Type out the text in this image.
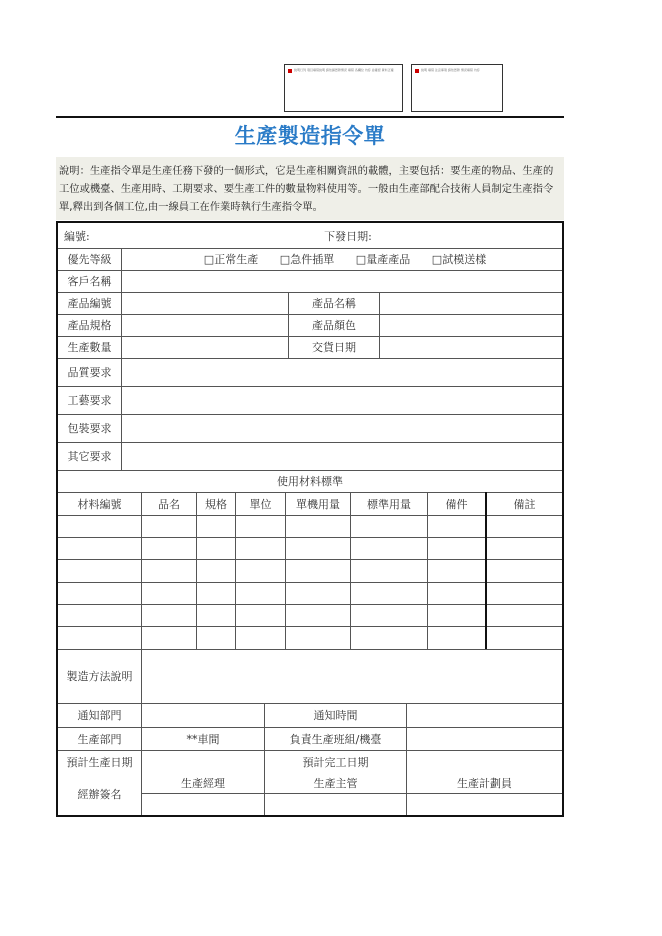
說明行列 項目填寫說明 請依據實際情況 填寫 各欄位 內容 並確認 資料正確	說明 填寫 注意事項 請依實際 情況填寫 內容
生產製造指令單
說明：生產指令單是生產任務下發的一個形式，它是生產相關資訊的載體，主要包括：要生產的物品、生產的工位或機臺、生產用時、工期要求、要生產工件的數量物料使用等。一般由生產部配合技術人員制定生產指令單,釋出到各個工位,由一線員工在作業時執行生產指令單。
編號:	下發日期:
優先等級	□正常生產	□急件插單	□量產產品	□試模送樣
客戶名稱
產品編號	產品名稱
產品規格	產品顏色
生產數量	交貨日期
品質要求
工藝要求
包裝要求
其它要求
使用材料標準
材料編號	品名	規格	單位	單機用量	標準用量	備件	備註
製造方法說明
通知部門	通知時間
生產部門	**車間	負責生產班組/機臺
預計生產日期	預計完工日期
經辦簽名
生產經理	生產主管	生產計劃員
